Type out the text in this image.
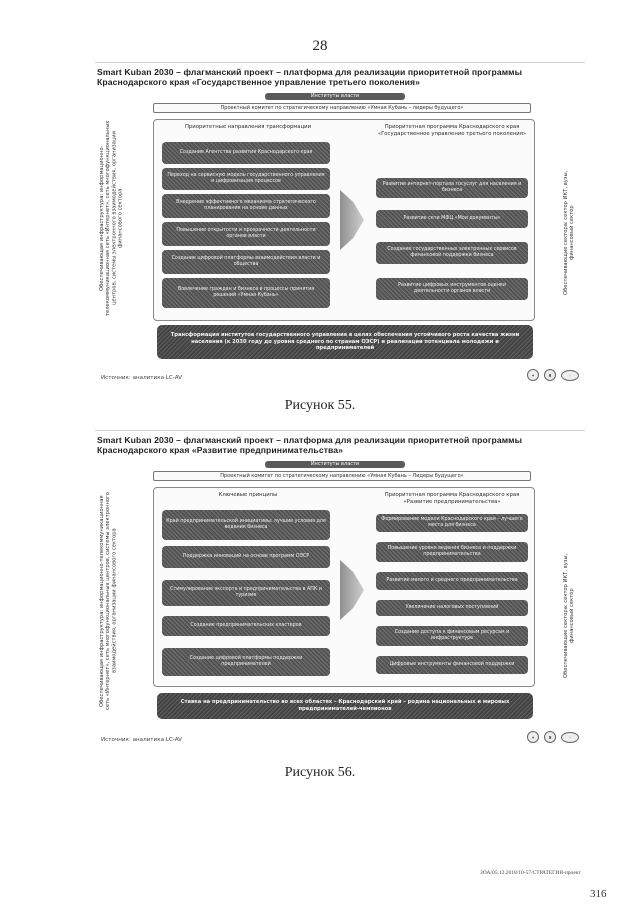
28
Smart Kuban 2030 – флагманский проект – платформа для реализации приоритетной программы Краснодарского края «Государственное управление третьего поколения»
Институты власти
Проектный комитет по стратегическому направлению «Умная Кубань – лидеры будущего»
Обеспечивающая инфраструктура: информационно-телекоммуникационная сеть «Интернет», сеть многофункциональных центров, системы электронного взаимодействия, организации финансового сектора	Обеспечивающие сектора: сектор ИКТ, вузы, финансовый сектор
Приоритетные направления трансформации	Приоритетная программа Краснодарского края «Государственное управление третьего поколения»
Создание Агентства развития Краснодарского края
Переход на сервисную модель государственного управления и цифровизация процессов
Внедрение эффективного механизма стратегического планирования на основе данных
Повышение открытости и прозрачности деятельности органов власти
Создание цифровой платформы взаимодействия власти и общества
Вовлечение граждан и бизнеса в процессы принятия решений «Умная Кубань»
Развитие интернет-портала госуслуг для населения и бизнеса
Развитие сети МФЦ «Мои документы»
Создание государственных электронных сервисов финансовой поддержки бизнеса
Развитие цифровых инструментов оценки деятельности органов власти
Трансформация институтов государственного управления в целях обеспечения устойчивого роста качества жизни населения (к 2030 году до уровня среднего по странам ОЭСР) и реализации потенциала молодежи и предпринимателей
Источник: аналитика LC-AV	✦	♜	◦
Рисунок 55.
Smart Kuban 2030 – флагманский проект – платформа для реализации приоритетной программы Краснодарского края «Развитие предпринимательства»
Институты власти
Проектный комитет по стратегическому направлению «Умная Кубань – Лидеры будущего»
Обеспечивающая инфраструктура: информационно-телекоммуникационная сеть «Интернет», сеть многофункциональных центров, системы электронного взаимодействия, организации финансового сектора	Обеспечивающие сектора: сектор ИКТ, вузы, финансовый сектор
Ключевые принципы	Приоритетная программа Краснодарского края «Развитие предпринимательства»
Край предпринимательской инициативы: лучшие условия для ведения бизнеса
Поддержка инноваций на основе программ ОЭСР
Стимулирование экспорта и предпринимательства в АПК и туризме
Создание предпринимательских кластеров
Создание цифровой платформы поддержки предпринимателей
Формирование модели Краснодарского края – лучшего места для бизнеса
Повышение уровня ведения бизнеса и поддержки предпринимательства
Развитие малого и среднего предпринимательства
Увеличение налоговых поступлений
Создание доступа к финансовым ресурсам и инфраструктуре
Цифровые инструменты финансовой поддержки
Ставка на предпринимательство во всех областях – Краснодарский край – родина национальных и мировых предпринимателей-чемпионов
Источник: аналитика LC-AV	✦	♜	◦
Рисунок 56.
ЗОА/05.12.2018/10-57/СТРАТЕГИЯ-проект
316
